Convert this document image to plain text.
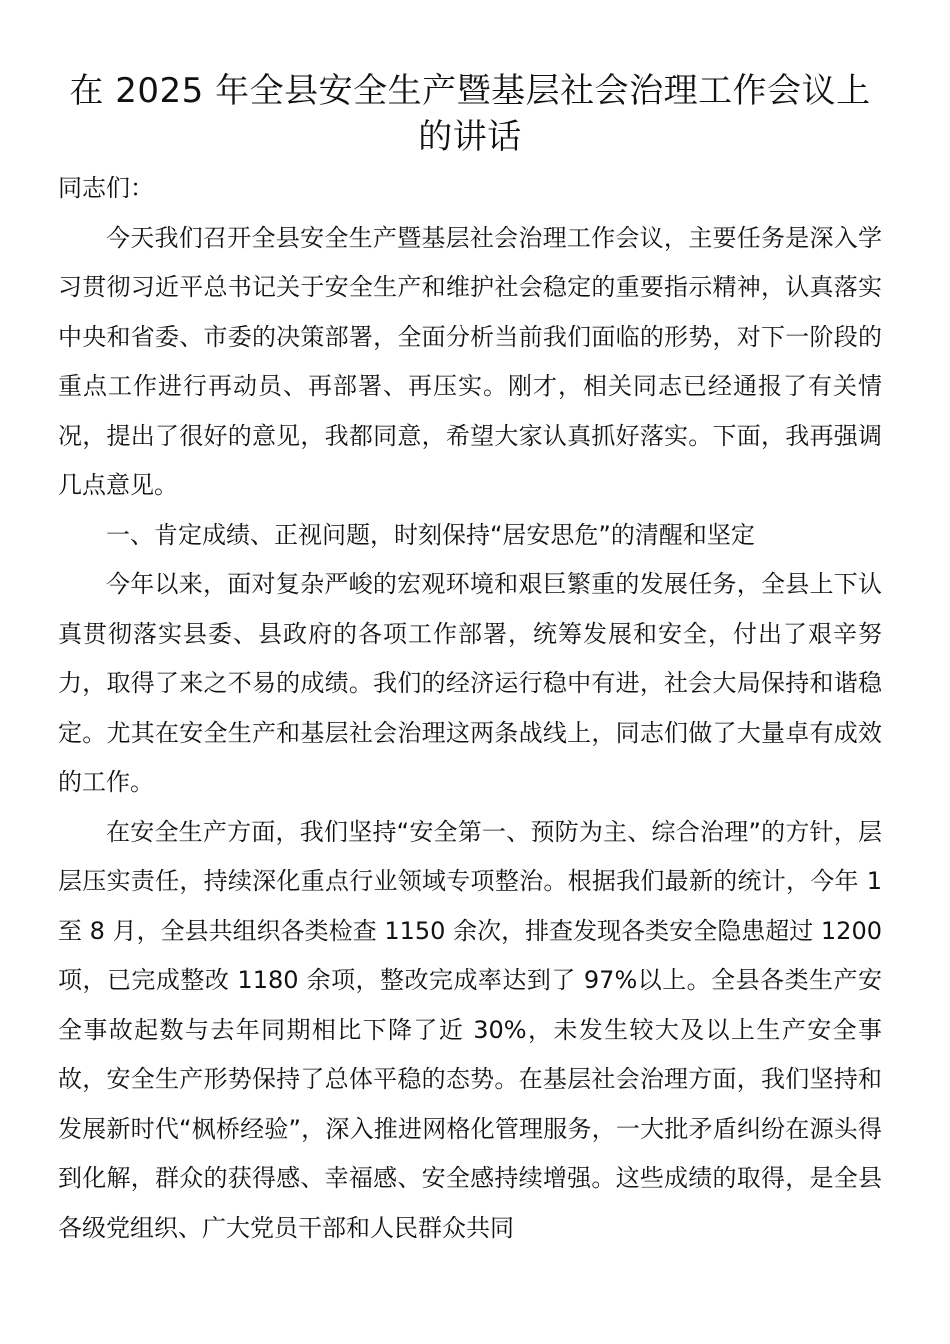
在 2025 年全县安全生产暨基层社会治理工作会议上的讲话

同志们：

今天我们召开全县安全生产暨基层社会治理工作会议，主要任务是深入学习贯彻习近平总书记关于安全生产和维护社会稳定的重要指示精神，认真落实中央和省委、市委的决策部署，全面分析当前我们面临的形势，对下一阶段的重点工作进行再动员、再部署、再压实。刚才，相关同志已经通报了有关情况，提出了很好的意见，我都同意，希望大家认真抓好落实。下面，我再强调几点意见。

一、肯定成绩、正视问题，时刻保持“居安思危”的清醒和坚定

今年以来，面对复杂严峻的宏观环境和艰巨繁重的发展任务，全县上下认真贯彻落实县委、县政府的各项工作部署，统筹发展和安全，付出了艰辛努力，取得了来之不易的成绩。我们的经济运行稳中有进，社会大局保持和谐稳定。尤其在安全生产和基层社会治理这两条战线上，同志们做了大量卓有成效的工作。

在安全生产方面，我们坚持“安全第一、预防为主、综合治理”的方针，层层压实责任，持续深化重点行业领域专项整治。根据我们最新的统计，今年 1 至 8 月，全县共组织各类检查 1150 余次，排查发现各类安全隐患超过 1200 项，已完成整改 1180 余项，整改完成率达到了 97%以上。全县各类生产安全事故起数与去年同期相比下降了近 30%，未发生较大及以上生产安全事故，安全生产形势保持了总体平稳的态势。在基层社会治理方面，我们坚持和发展新时代“枫桥经验”，深入推进网格化管理服务，一大批矛盾纠纷在源头得到化解，群众的获得感、幸福感、安全感持续增强。这些成绩的取得，是全县各级党组织、广大党员干部和人民群众共同
